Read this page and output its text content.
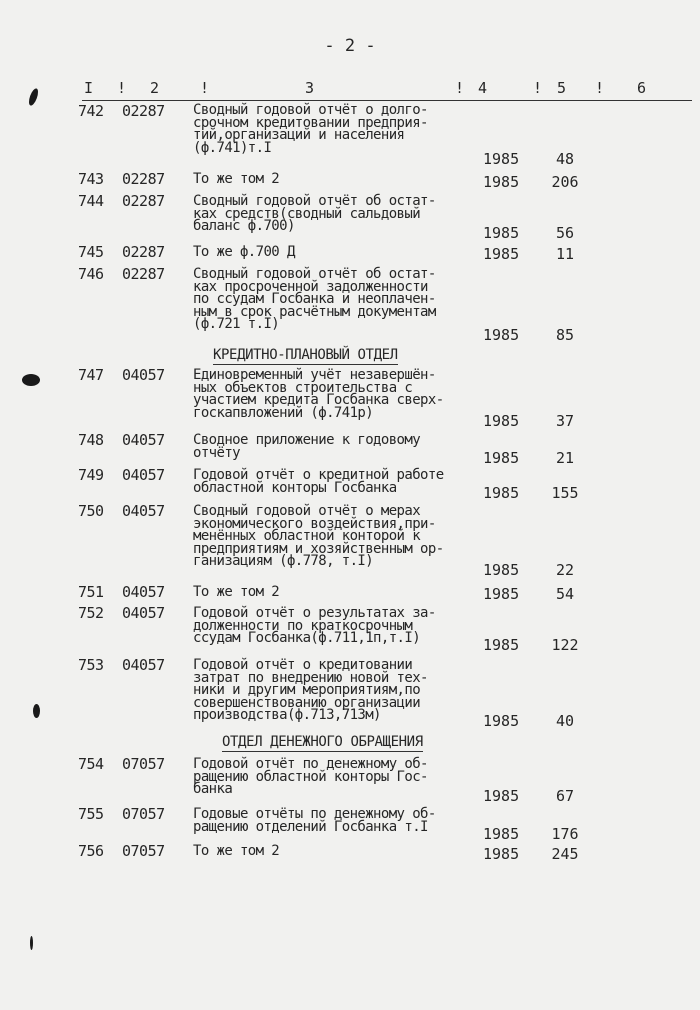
- 2 -
I ! 2	!	3	! 4	! 5 ! 6
742 02287 Сводный годовой отчёт о долго-
срочном кредитовании предприя-
тий,организаций и населения
(ф.741)т.I
1985	48
743 02287 То же том 2	1985	206
744 02287 Сводный годовой отчёт об остат-
ках средств(сводный сальдовый
баланс ф.700)	1985	56
745 02287 То же ф.700 Д	1985	11
746 02287 Сводный годовой отчёт об остат-
ках просроченной задолженности
по ссудам Госбанка и неоплачен-
ным в срок расчётным документам
(ф.721 т.I)
1985	85
КРЕДИТНО-ПЛАНОВЫЙ ОТДЕЛ
747 04057 Единовременный учёт незавершён-
ных объектов строительства с
участием кредита Госбанка сверх-
госкапвложений (ф.741р)	1985	37
748 04057 Сводное приложение к годовому
отчёту	1985	21
749 04057 Годовой отчёт о кредитной работе
областной конторы Госбанка	1985	155
750 04057 Сводный годовой отчёт о мерах
экономического воздействия,при-
менённых областной конторой к
предприятиям и хозяйственным ор-
ганизациям (ф.778, т.I)	1985	22
751 04057 То же том 2	1985	54
752 04057 Годовой отчёт о результатах за-
долженности по краткосрочным
ссудам Госбанка(ф.711,1п,т.I)	1985	122
753 04057 Годовой отчёт о кредитовании
затрат по внедрению новой тех-
ники и другим мероприятиям,по
совершенствованию организации
производства(ф.713,713м)	1985	40
ОТДЕЛ ДЕНЕЖНОГО ОБРАЩЕНИЯ
754 07057 Годовой отчёт по денежному об-
ращению областной конторы Гос-
банка	1985	67
755 07057 Годовые отчёты по денежному об-
ращению отделений Госбанка т.I	1985	176
756 07057 То же том 2	1985	245
